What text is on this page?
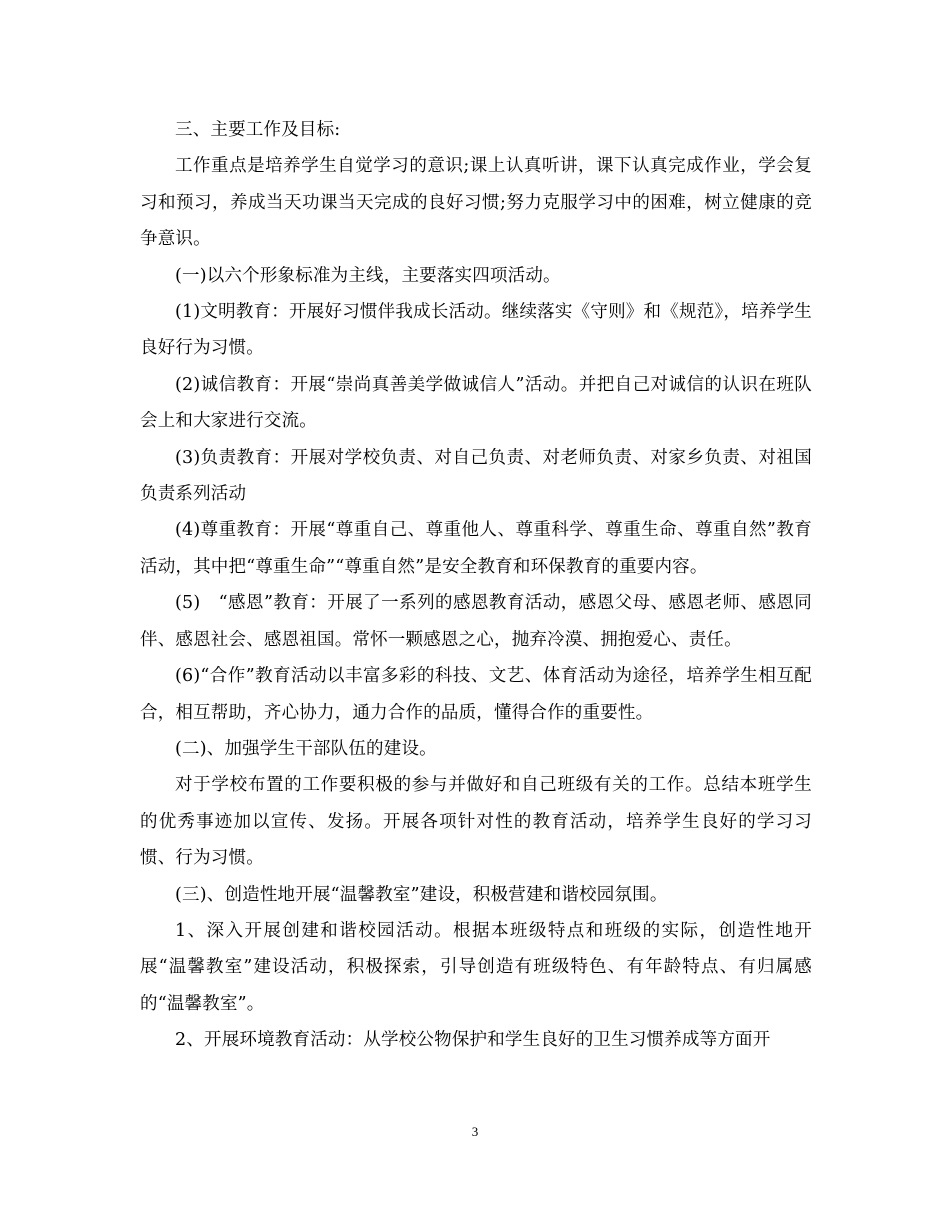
三、主要工作及目标:

工作重点是培养学生自觉学习的意识;课上认真听讲，课下认真完成作业，学会复习和预习，养成当天功课当天完成的良好习惯;努力克服学习中的困难，树立健康的竞争意识。

(一)以六个形象标准为主线，主要落实四项活动。

(1)文明教育：开展好习惯伴我成长活动。继续落实《守则》和《规范》，培养学生良好行为习惯。

(2)诚信教育：开展“崇尚真善美学做诚信人”活动。并把自己对诚信的认识在班队会上和大家进行交流。

(3)负责教育：开展对学校负责、对自己负责、对老师负责、对家乡负责、对祖国负责系列活动

(4)尊重教育：开展“尊重自己、尊重他人、尊重科学、尊重生命、尊重自然”教育活动，其中把“尊重生命”“尊重自然”是安全教育和环保教育的重要内容。

(5)　“感恩”教育：开展了一系列的感恩教育活动，感恩父母、感恩老师、感恩同伴、感恩社会、感恩祖国。常怀一颗感恩之心，抛弃冷漠、拥抱爱心、责任。

(6)“合作”教育活动以丰富多彩的科技、文艺、体育活动为途径，培养学生相互配合，相互帮助，齐心协力，通力合作的品质，懂得合作的重要性。

(二)、加强学生干部队伍的建设。

对于学校布置的工作要积极的参与并做好和自己班级有关的工作。总结本班学生的优秀事迹加以宣传、发扬。开展各项针对性的教育活动，培养学生良好的学习习惯、行为习惯。

(三)、创造性地开展“温馨教室”建设，积极营建和谐校园氛围。

1、深入开展创建和谐校园活动。根据本班级特点和班级的实际，创造性地开展“温馨教室”建设活动，积极探索，引导创造有班级特色、有年龄特点、有归属感的“温馨教室”。

2、开展环境教育活动：从学校公物保护和学生良好的卫生习惯养成等方面开

3
